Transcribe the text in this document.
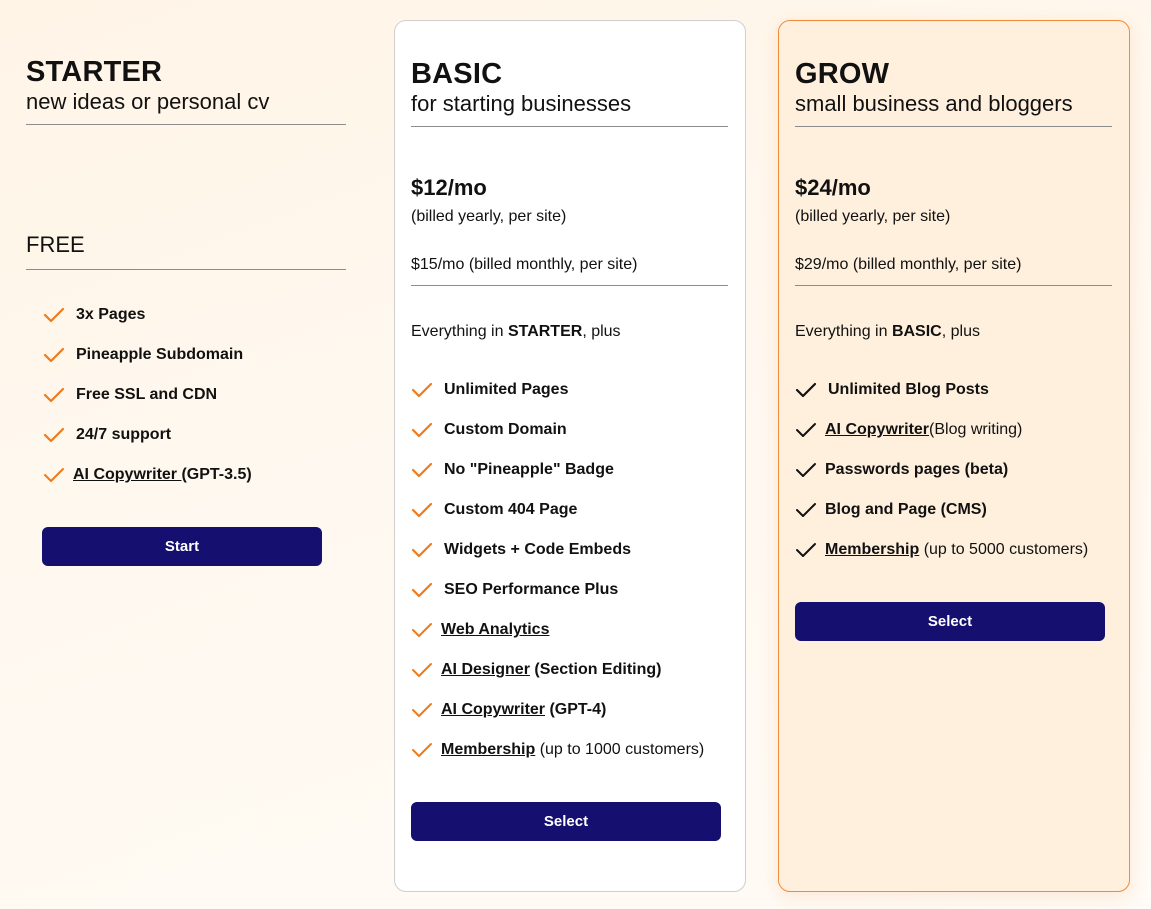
STARTER
new ideas or personal cv
FREE
3x Pages
Pineapple Subdomain
Free SSL and CDN
24/7 support
AI Copywriter (GPT-3.5)
Start
BASIC
for starting businesses
$12/mo
(billed yearly, per site)
$15/mo (billed monthly, per site)
Everything in STARTER, plus
Unlimited Pages
Custom Domain
No "Pineapple" Badge
Custom 404 Page
Widgets + Code Embeds
SEO Performance Plus
Web Analytics
AI Designer (Section Editing)
AI Copywriter (GPT-4)
Membership (up to 1000 customers)
Select
GROW
small business and bloggers
$24/mo
(billed yearly, per site)
$29/mo (billed monthly, per site)
Everything in BASIC, plus
Unlimited Blog Posts
AI Copywriter (Blog writing)
Passwords pages (beta)
Blog and Page (CMS)
Membership (up to 5000 customers)
Select
